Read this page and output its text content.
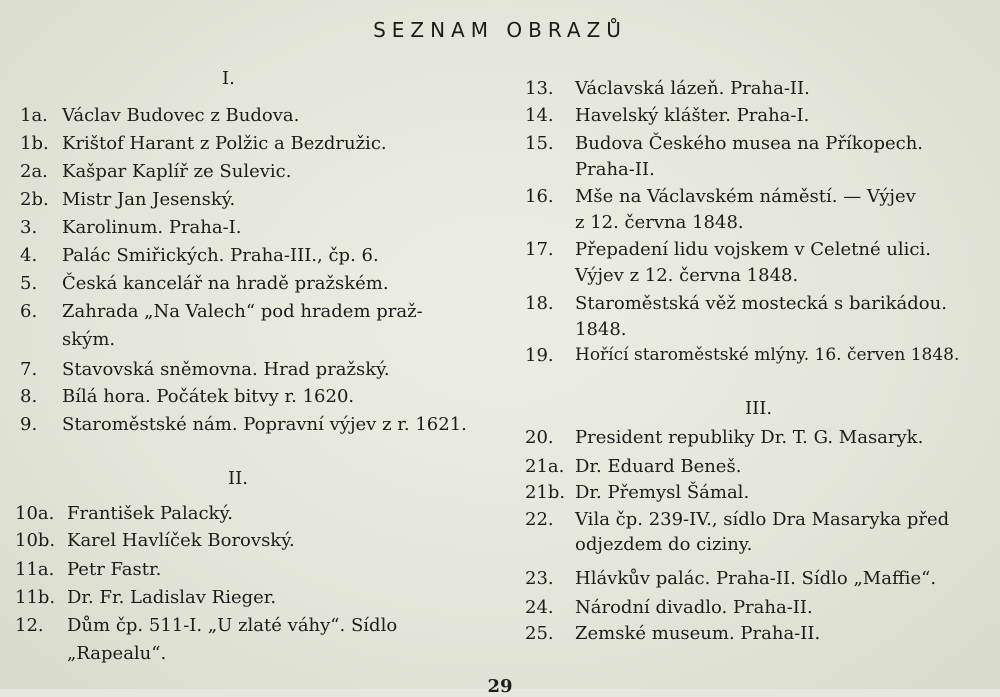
SEZNAM OBRAZŮ
I.
1a. Václav Budovec z Budova.
1b. Krištof Harant z Polžic a Bezdružic.
2a. Kašpar Kaplíř ze Sulevic.
2b. Mistr Jan Jesenský.
3. Karolinum. Praha-I.
4. Palác Smiřických. Praha-III., čp. 6.
5. Česká kancelář na hradě pražském.
6. Zahrada „Na Valech“ pod hradem praž-
ským.
7. Stavovská sněmovna. Hrad pražský.
8. Bílá hora. Počátek bitvy r. 1620.
9. Staroměstské nám. Popravní výjev z r. 1621.
II.
10a. František Palacký.
10b. Karel Havlíček Borovský.
11a. Petr Fastr.
11b. Dr. Fr. Ladislav Rieger.
12. Dům čp. 511-I. „U zlaté váhy“. Sídlo
„Rapealu“.
13. Václavská lázeň. Praha-II.
14. Havelský klášter. Praha-I.
15. Budova Českého musea na Příkopech.
Praha-II.
16. Mše na Václavském náměstí. — Výjev
z 12. června 1848.
17. Přepadení lidu vojskem v Celetné ulici.
Výjev z 12. června 1848.
18. Staroměstská věž mostecká s barikádou.
1848.
19. Hořící staroměstské mlýny. 16. červen 1848.
III.
20. President republiky Dr. T. G. Masaryk.
21a. Dr. Eduard Beneš.
21b. Dr. Přemysl Šámal.
22. Vila čp. 239-IV., sídlo Dra Masaryka před
odjezdem do ciziny.
23. Hlávkův palác. Praha-II. Sídlo „Maffie“.
24. Národní divadlo. Praha-II.
25. Zemské museum. Praha-II.
29
